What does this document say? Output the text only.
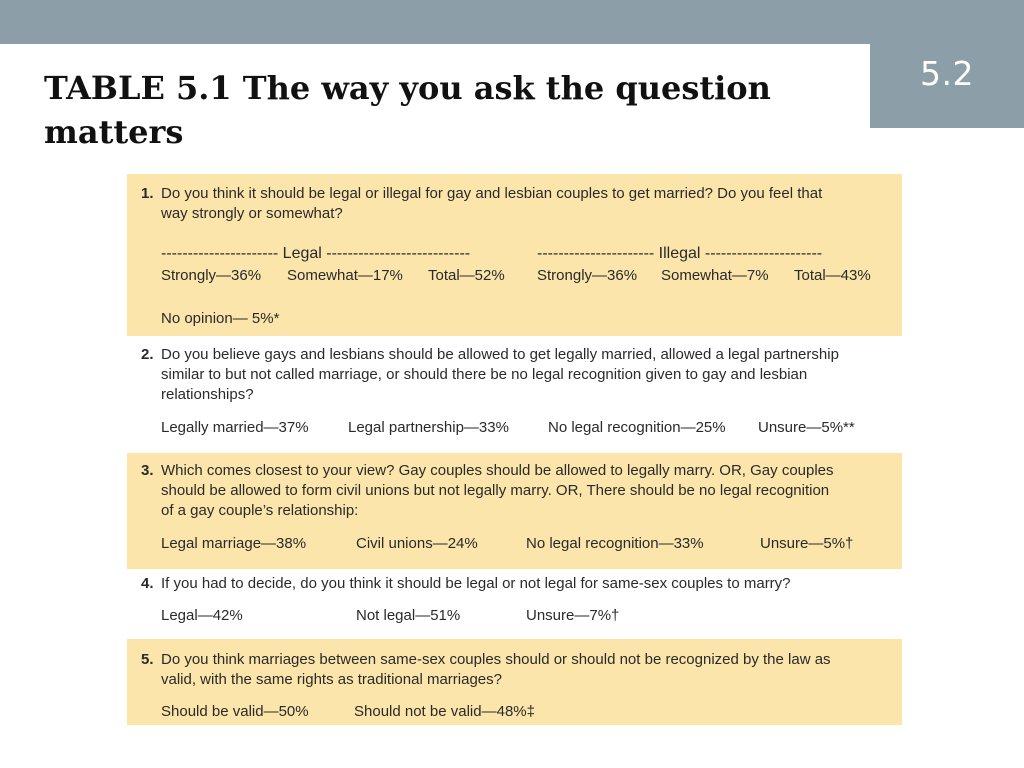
5.2
TABLE 5.1 The way you ask the question
matters
1. Do you think it should be legal or illegal for gay and lesbian couples to get married? Do you feel that
way strongly or somewhat?
---------------------- Legal ---------------------------	---------------------- Illegal ----------------------
Strongly—36% Somewhat—17% Total—52% Strongly—36% Somewhat—7% Total—43%
No opinion— 5%*
2. Do you believe gays and lesbians should be allowed to get legally married, allowed a legal partnership
similar to but not called marriage, or should there be no legal recognition given to gay and lesbian
relationships?
Legally married—37%	Legal partnership—33%	No legal recognition—25% Unsure—5%**
3. Which comes closest to your view? Gay couples should be allowed to legally marry. OR, Gay couples
should be allowed to form civil unions but not legally marry. OR, There should be no legal recognition
of a gay couple’s relationship:
Legal marriage—38%	Civil unions—24%	No legal recognition—33%	Unsure—5%†
4. If you had to decide, do you think it should be legal or not legal for same-sex couples to marry?
Legal—42%	Not legal—51%	Unsure—7%†
5. Do you think marriages between same-sex couples should or should not be recognized by the law as
valid, with the same rights as traditional marriages?
Should be valid—50%	Should not be valid—48%‡
